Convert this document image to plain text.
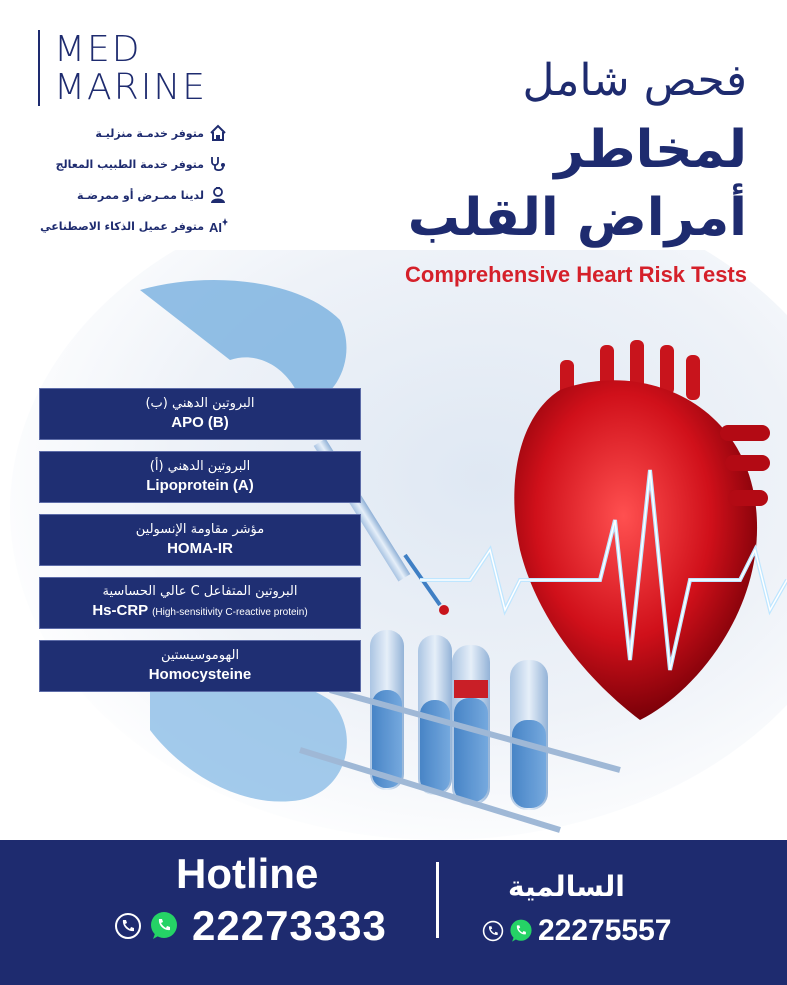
MED
MARINE
متوفر خدمـة منزليـة
متوفر خدمة الطبيب المعالج
لدينا ممـرض أو ممرضـة
متوفر عميل الذكاء الاصطناعي AI
فحص شامل
لمخاطر
أمراض القلب
Comprehensive Heart Risk Tests
البروتين الدهني (ب)
APO (B)
البروتين الدهني (أ)
Lipoprotein (A)
مؤشر مقاومة الإنسولين
HOMA-IR
البروتين المتفاعل C عالي الحساسية
Hs-CRP (High-sensitivity C-reactive protein)
الهوموسيستين
Homocysteine
Hotline
22273333
السالمية
22275557
